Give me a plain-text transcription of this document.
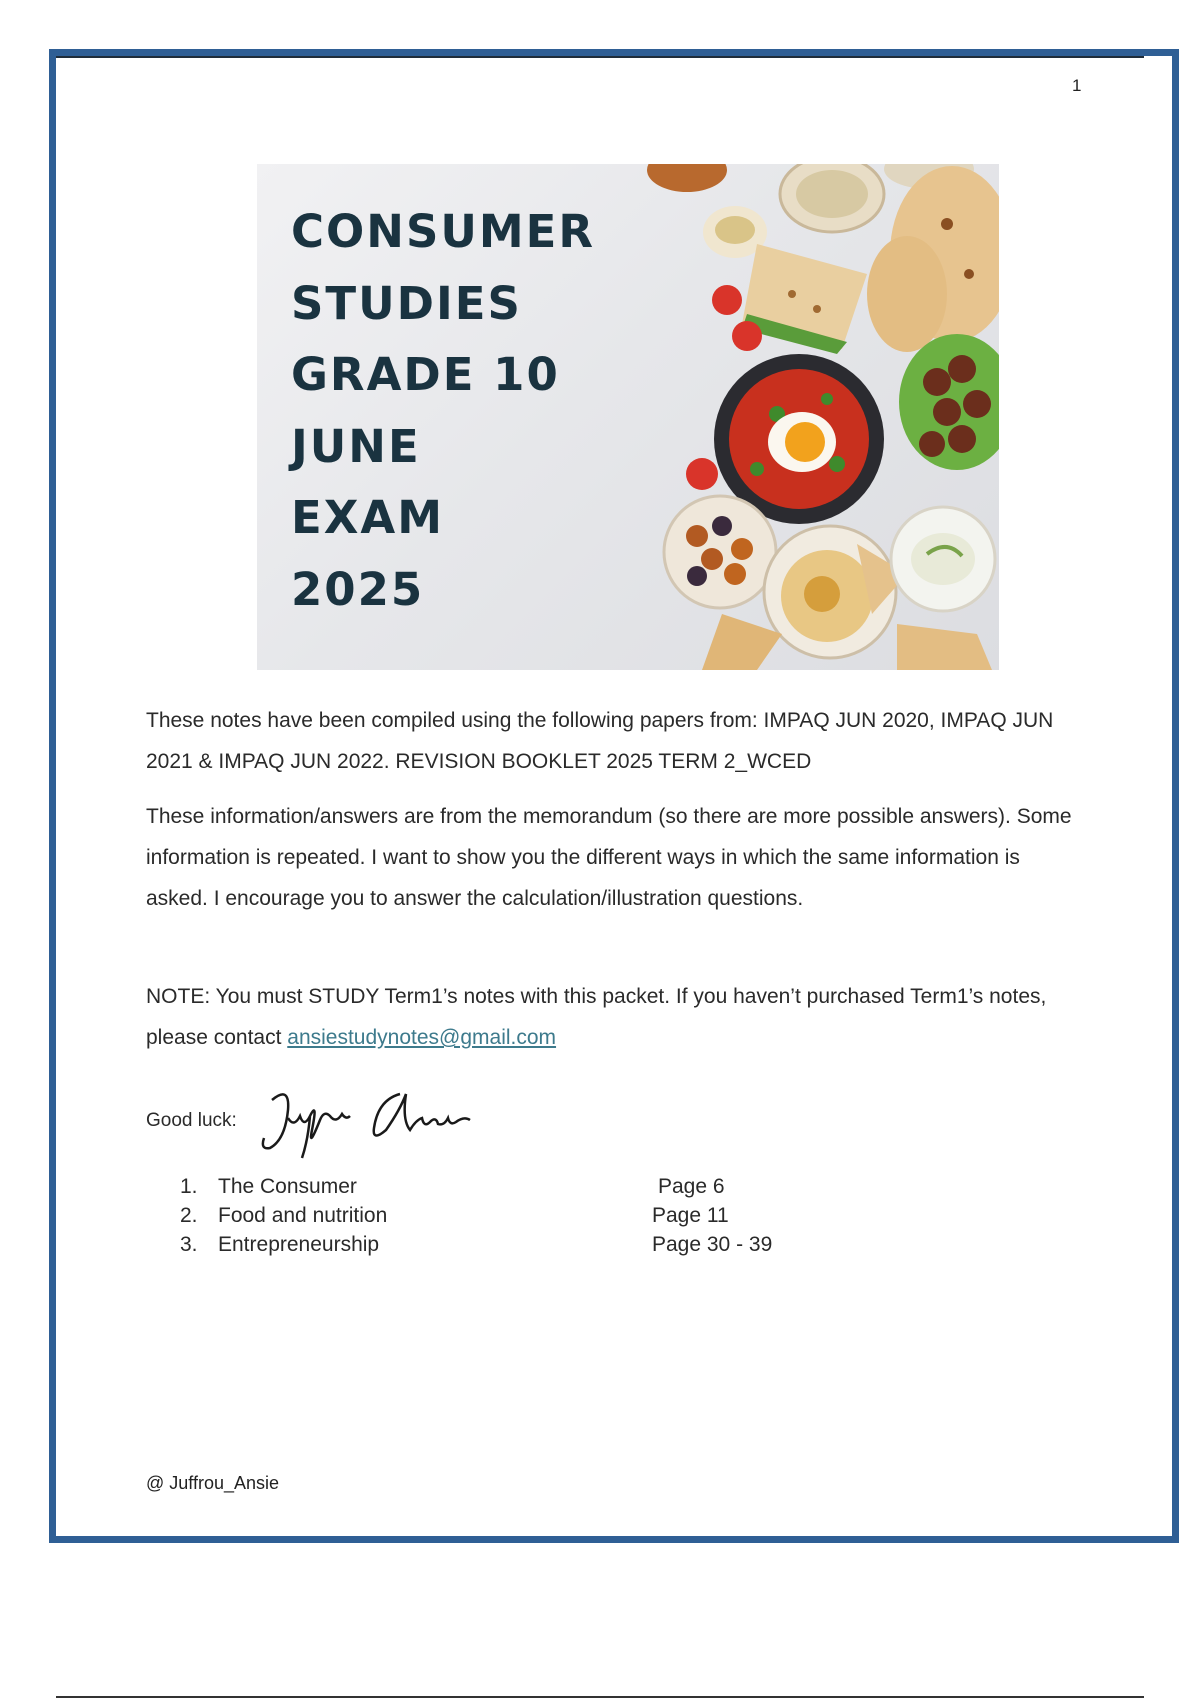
1
CONSUMER
STUDIES
GRADE 10
JUNE
EXAM
2025

These notes have been compiled using the following papers from: IMPAQ JUN 2020, IMPAQ JUN 2021 & IMPAQ JUN 2022. REVISION BOOKLET 2025 TERM 2_WCED

These information/answers are from the memorandum (so there are more possible answers). Some information is repeated. I want to show you the different ways in which the same information is asked. I encourage you to answer the calculation/illustration questions.

NOTE: You must STUDY Term1’s notes with this packet. If you haven’t purchased Term1’s notes, please contact ansiestudynotes@gmail.com

Good luck:
1. The Consumer	Page 6
2. Food and nutrition	Page 11
3. Entrepreneurship	Page 30 - 39
@ Juffrou_Ansie
